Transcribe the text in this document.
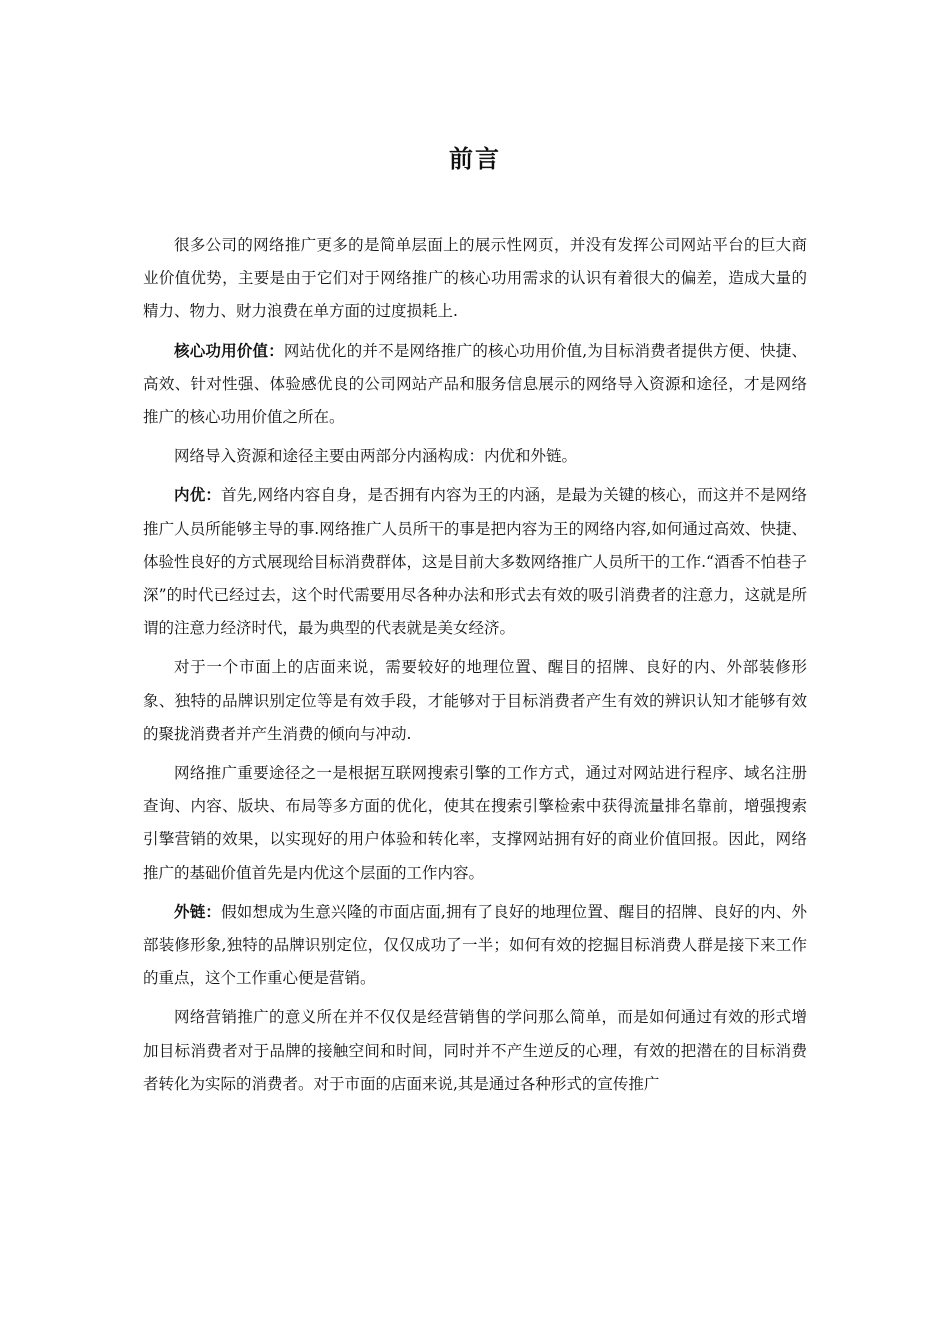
前言

很多公司的网络推广更多的是简单层面上的展示性网页，并没有发挥公司网站平台的巨大商业价值优势，主要是由于它们对于网络推广的核心功用需求的认识有着很大的偏差，造成大量的精力、物力、财力浪费在单方面的过度损耗上.

核心功用价值：网站优化的并不是网络推广的核心功用价值,为目标消费者提供方便、快捷、高效、针对性强、体验感优良的公司网站产品和服务信息展示的网络导入资源和途径，才是网络推广的核心功用价值之所在。

网络导入资源和途径主要由两部分内涵构成：内优和外链。

内优：首先,网络内容自身，是否拥有内容为王的内涵，是最为关键的核心，而这并不是网络推广人员所能够主导的事.网络推广人员所干的事是把内容为王的网络内容,如何通过高效、快捷、体验性良好的方式展现给目标消费群体，这是目前大多数网络推广人员所干的工作.“酒香不怕巷子深”的时代已经过去，这个时代需要用尽各种办法和形式去有效的吸引消费者的注意力，这就是所谓的注意力经济时代，最为典型的代表就是美女经济。

对于一个市面上的店面来说，需要较好的地理位置、醒目的招牌、良好的内、外部装修形象、独特的品牌识别定位等是有效手段，才能够对于目标消费者产生有效的辨识认知才能够有效的聚拢消费者并产生消费的倾向与冲动.

网络推广重要途径之一是根据互联网搜索引擎的工作方式，通过对网站进行程序、域名注册查询、内容、版块、布局等多方面的优化，使其在搜索引擎检索中获得流量排名靠前，增强搜索引擎营销的效果，以实现好的用户体验和转化率，支撑网站拥有好的商业价值回报。因此，网络推广的基础价值首先是内优这个层面的工作内容。

外链：假如想成为生意兴隆的市面店面,拥有了良好的地理位置、醒目的招牌、良好的内、外部装修形象,独特的品牌识别定位，仅仅成功了一半；如何有效的挖掘目标消费人群是接下来工作的重点，这个工作重心便是营销。

网络营销推广的意义所在并不仅仅是经营销售的学问那么简单，而是如何通过有效的形式增加目标消费者对于品牌的接触空间和时间，同时并不产生逆反的心理，有效的把潜在的目标消费者转化为实际的消费者。对于市面的店面来说,其是通过各种形式的宣传推广
